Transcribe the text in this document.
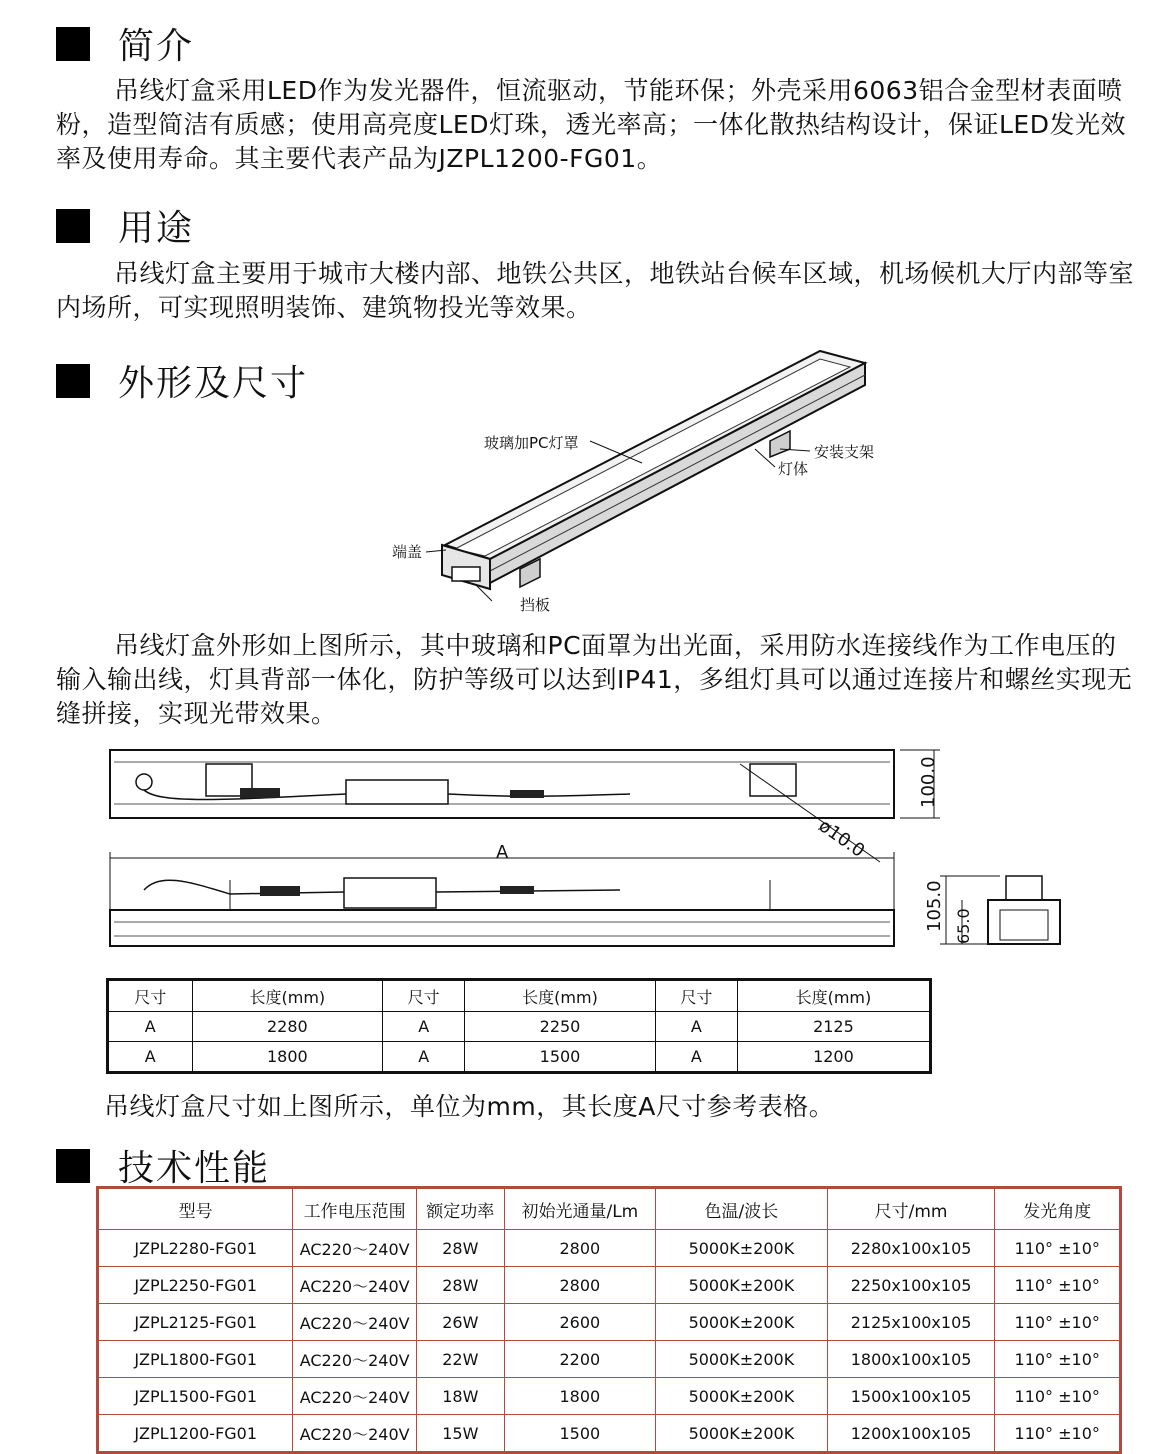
简介

吊线灯盒采用LED作为发光器件，恒流驱动，节能环保；外壳采用6063铝合金型材表面喷粉，造型简洁有质感；使用高亮度LED灯珠，透光率高；一体化散热结构设计，保证LED发光效率及使用寿命。其主要代表产品为JZPL1200-FG01。

用途

吊线灯盒主要用于城市大楼内部、地铁公共区，地铁站台候车区域，机场候机大厅内部等室内场所，可实现照明装饰、建筑物投光等效果。

外形及尺寸
玻璃加PC灯罩	安装支架
灯体
端盖
挡板

吊线灯盒外形如上图所示，其中玻璃和PC面罩为出光面，采用防水连接线作为工作电压的输入输出线，灯具背部一体化，防护等级可以达到IP41，多组灯具可以通过连接片和螺丝实现无缝拼接，实现光带效果。

100.0
ø10.0
A
105.0 65.0
尺寸	长度(mm)	尺寸	长度(mm)	尺寸	长度(mm)
A	2280	A	2250	A	2125
A	1800	A	1500	A	1200

吊线灯盒尺寸如上图所示，单位为mm，其长度A尺寸参考表格。

技术性能
型号	工作电压范围	额定功率	初始光通量/Lm	色温/波长	尺寸/mm	发光角度
JZPL2280-FG01	AC220～240V	28W	2800	5000K±200K	2280x100x105	110° ±10°
JZPL2250-FG01	AC220～240V	28W	2800	5000K±200K	2250x100x105	110° ±10°
JZPL2125-FG01	AC220～240V	26W	2600	5000K±200K	2125x100x105	110° ±10°
JZPL1800-FG01	AC220～240V	22W	2200	5000K±200K	1800x100x105	110° ±10°
JZPL1500-FG01	AC220～240V	18W	1800	5000K±200K	1500x100x105	110° ±10°
JZPL1200-FG01	AC220～240V	15W	1500	5000K±200K	1200x100x105	110° ±10°
